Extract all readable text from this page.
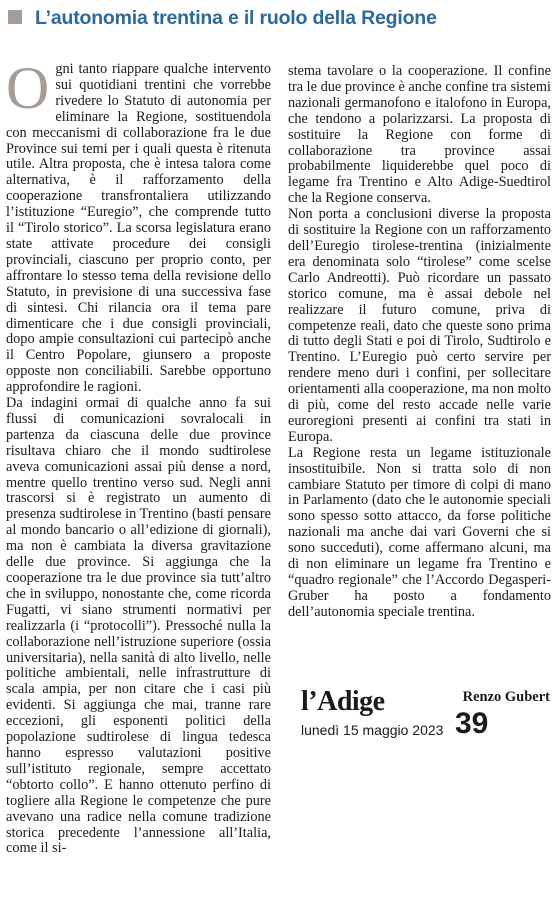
L’autonomia trentina e il ruolo della Regione

Ogni tanto riappare qualche intervento sui quotidiani trentini che vorrebbe rivedere lo Statuto di autonomia per eliminare la Regione, sostituendola con meccanismi di collaborazione fra le due Province sui temi per i quali questa è ritenuta utile. Altra proposta, che è intesa talora come alternativa, è il rafforzamento della cooperazione transfrontaliera utilizzando l’istituzione “Euregio”, che comprende tutto il “Tirolo storico”. La scorsa legislatura erano state attivate procedure dei consigli provinciali, ciascuno per proprio conto, per affrontare lo stesso tema della revisione dello Statuto, in previsione di una successiva fase di sintesi. Chi rilancia ora il tema pare dimenticare che i due consigli provinciali, dopo ampie consultazioni cui partecipò anche il Centro Popolare, giunsero a proposte opposte non conciliabili. Sarebbe opportuno approfondire le ragioni.

Da indagini ormai di qualche anno fa sui flussi di comunicazioni sovralocali in partenza da ciascuna delle due province risultava chiaro che il mondo sudtirolese aveva comunicazioni assai più dense a nord, mentre quello trentino verso sud. Negli anni trascorsi si è registrato un aumento di presenza sudtirolese in Trentino (basti pensare al mondo bancario o all’edizione di giornali), ma non è cambiata la diversa gravitazione delle due province. Si aggiunga che la cooperazione tra le due province sia tutt’altro che in sviluppo, nonostante che, come ricorda Fugatti, vi siano strumenti normativi per realizzarla (i “protocolli”). Pressoché nulla la collaborazione nell’istruzione superiore (ossia universitaria), nella sanità di alto livello, nelle politiche ambientali, nelle infrastrutture di scala ampia, per non citare che i casi più evidenti. Si aggiunga che mai, tranne rare eccezioni, gli esponenti politici della popolazione sudtirolese di lingua tedesca hanno espresso valutazioni positive sull’istituto regionale, sempre accettato “obtorto collo”. E hanno ottenuto perfino di togliere alla Regione le competenze che pure avevano una radice nella comune tradizione storica precedente l’annessione all’Italia, come il si-

stema tavolare o la cooperazione. Il confine tra le due province è anche confine tra sistemi nazionali germanofono e italofono in Europa, che tendono a polarizzarsi. La proposta di sostituire la Regione con forme di collaborazione tra province assai probabilmente liquiderebbe quel poco di legame fra Trentino e Alto Adige-Suedtirol che la Regione conserva.

Non porta a conclusioni diverse la proposta di sostituire la Regione con un rafforzamento dell’Euregio tirolese-trentina (inizialmente era denominata solo “tirolese” come scelse Carlo Andreotti). Può ricordare un passato storico comune, ma è assai debole nel realizzare il futuro comune, priva di competenze reali, dato che queste sono prima di tutto degli Stati e poi di Tirolo, Sudtirolo e Trentino. L’Euregio può certo servire per rendere meno duri i confini, per sollecitare orientamenti alla cooperazione, ma non molto di più, come del resto accade nelle varie euroregioni presenti ai confini tra stati in Europa.

La Regione resta un legame istituzionale insostituibile. Non si tratta solo di non cambiare Statuto per timore di colpi di mano in Parlamento (dato che le autonomie speciali sono spesso sotto attacco, da forse politiche nazionali ma anche dai vari Governi che si sono succeduti), come affermano alcuni, ma di non eliminare un legame fra Trentino e “quadro regionale” che l’Accordo Degasperi-Gruber ha posto a fondamento dell’autonomia speciale trentina.

Renzo Gubert
l’Adige
lunedì 15 maggio 2023 39
